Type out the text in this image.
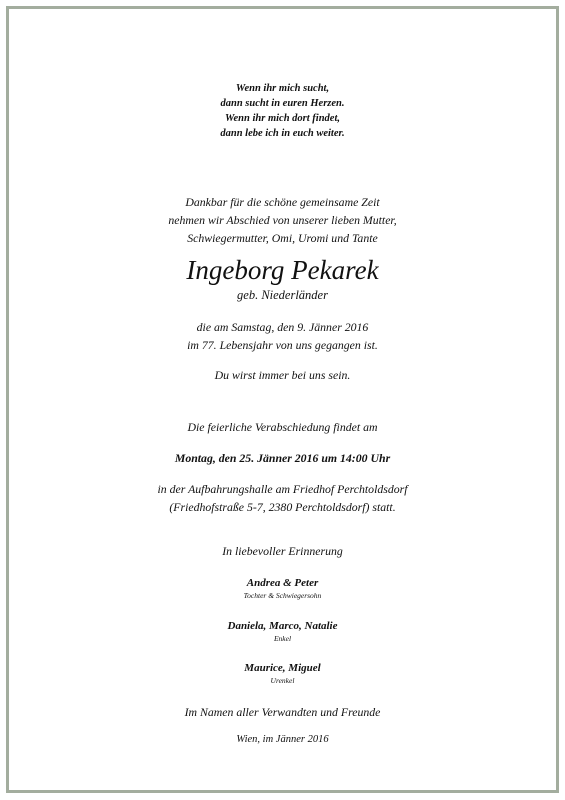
Wenn ihr mich sucht,
dann sucht in euren Herzen.
Wenn ihr mich dort findet,
dann lebe ich in euch weiter.
Dankbar für die schöne gemeinsame Zeit
nehmen wir Abschied von unserer lieben Mutter,
Schwiegermutter, Omi, Uromi und Tante
Ingeborg Pekarek
geb. Niederländer
die am Samstag, den 9. Jänner 2016
im 77. Lebensjahr von uns gegangen ist.
Du wirst immer bei uns sein.
Die feierliche Verabschiedung findet am
Montag, den 25. Jänner 2016 um 14:00 Uhr
in der Aufbahrungshalle am Friedhof Perchtoldsdorf
(Friedhofstraße 5-7, 2380 Perchtoldsdorf) statt.
In liebevoller Erinnerung
Andrea & Peter
Tochter & Schwiegersohn
Daniela, Marco, Natalie
Enkel
Maurice, Miguel
Urenkel
Im Namen aller Verwandten und Freunde
Wien, im Jänner 2016
